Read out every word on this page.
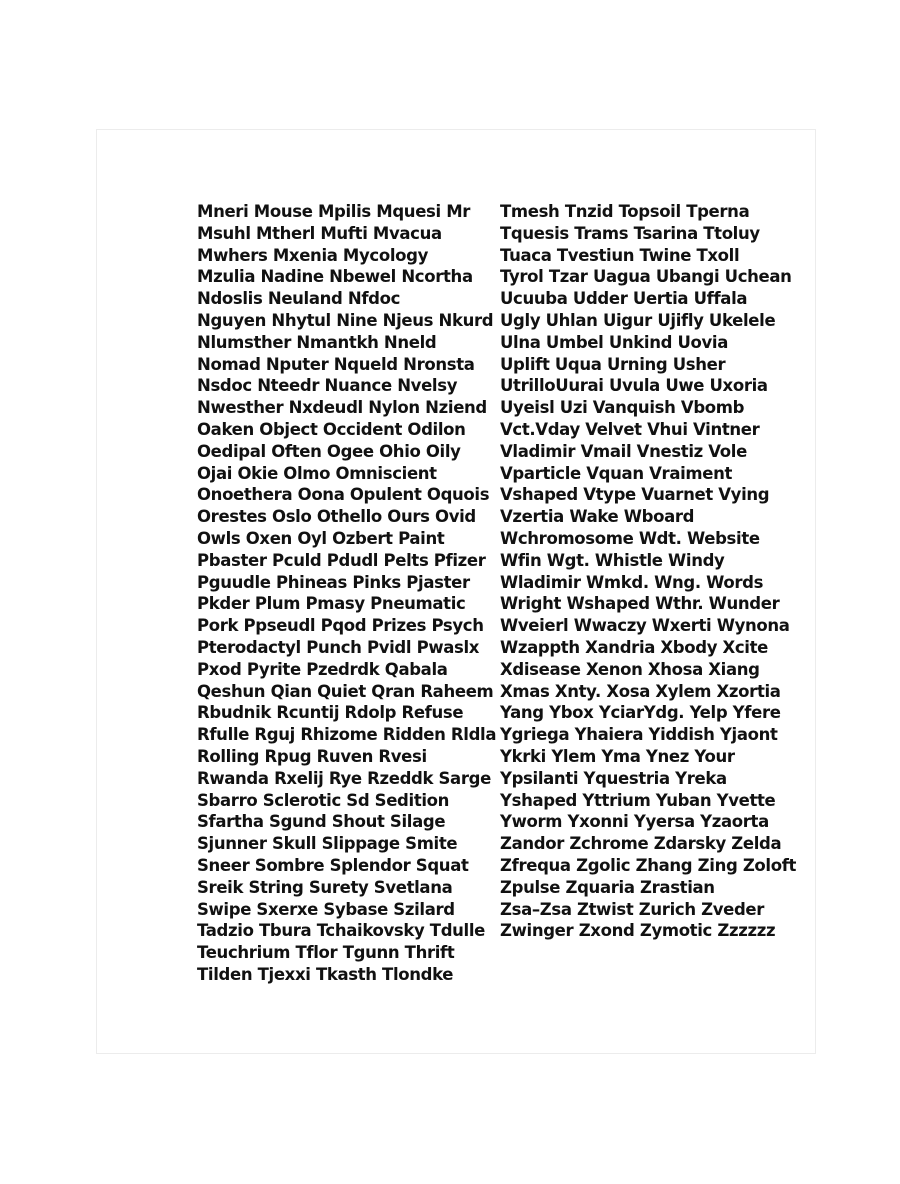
Mneri Mouse Mpilis Mquesi Mr
Msuhl Mtherl Mufti Mvacua
Mwhers Mxenia Mycology
Mzulia Nadine Nbewel Ncortha
Ndoslis Neuland Nfdoc
Nguyen Nhytul Nine Njeus Nkurd
Nlumsther Nmantkh Nneld
Nomad Nputer Nqueld Nronsta
Nsdoc Nteedr Nuance Nvelsy
Nwesther Nxdeudl Nylon Nziend
Oaken Object Occident Odilon
Oedipal Often Ogee Ohio Oily
Ojai Okie Olmo Omniscient
Onoethera Oona Opulent Oquois
Orestes Oslo Othello Ours Ovid
Owls Oxen Oyl Ozbert Paint
Pbaster Pculd Pdudl Pelts Pfizer
Pguudle Phineas Pinks Pjaster
Pkder Plum Pmasy Pneumatic
Pork Ppseudl Pqod Prizes Psych
Pterodactyl Punch Pvidl Pwaslx
Pxod Pyrite Pzedrdk Qabala
Qeshun Qian Quiet Qran Raheem
Rbudnik Rcuntij Rdolp Refuse
Rfulle Rguj Rhizome Ridden Rldla
Rolling Rpug Ruven Rvesi
Rwanda Rxelij Rye Rzeddk Sarge
Sbarro Sclerotic Sd Sedition
Sfartha Sgund Shout Silage
Sjunner Skull Slippage Smite
Sneer Sombre Splendor Squat
Sreik String Surety Svetlana
Swipe Sxerxe Sybase Szilard
Tadzio Tbura Tchaikovsky Tdulle
Teuchrium Tflor Tgunn Thrift
Tilden Tjexxi Tkasth Tlondke
Tmesh Tnzid Topsoil Tperna
Tquesis Trams Tsarina Ttoluy
Tuaca Tvestiun Twine Txoll
Tyrol Tzar Uagua Ubangi Uchean
Ucuuba Udder Uertia Uffala
Ugly Uhlan Uigur Ujifly Ukelele
Ulna Umbel Unkind Uovia
Uplift Uqua Urning Usher
UtrilloUurai Uvula Uwe Uxoria
Uyeisl Uzi Vanquish Vbomb
Vct.Vday Velvet Vhui Vintner
Vladimir Vmail Vnestiz Vole
Vparticle Vquan Vraiment
Vshaped Vtype Vuarnet Vying
Vzertia Wake Wboard
Wchromosome Wdt. Website
Wfin Wgt. Whistle Windy
Wladimir Wmkd. Wng. Words
Wright Wshaped Wthr. Wunder
Wveierl Wwaczy Wxerti Wynona
Wzappth Xandria Xbody Xcite
Xdisease Xenon Xhosa Xiang
Xmas Xnty. Xosa Xylem Xzortia
Yang Ybox YciarYdg. Yelp Yfere
Ygriega Yhaiera Yiddish Yjaont
Ykrki Ylem Yma Ynez Your
Ypsilanti Yquestria Yreka
Yshaped Yttrium Yuban Yvette
Yworm Yxonni Yyersa Yzaorta
Zandor Zchrome Zdarsky Zelda
Zfrequa Zgolic Zhang Zing Zoloft
Zpulse Zquaria Zrastian
Zsa–Zsa Ztwist Zurich Zveder
Zwinger Zxond Zymotic Zzzzzz
